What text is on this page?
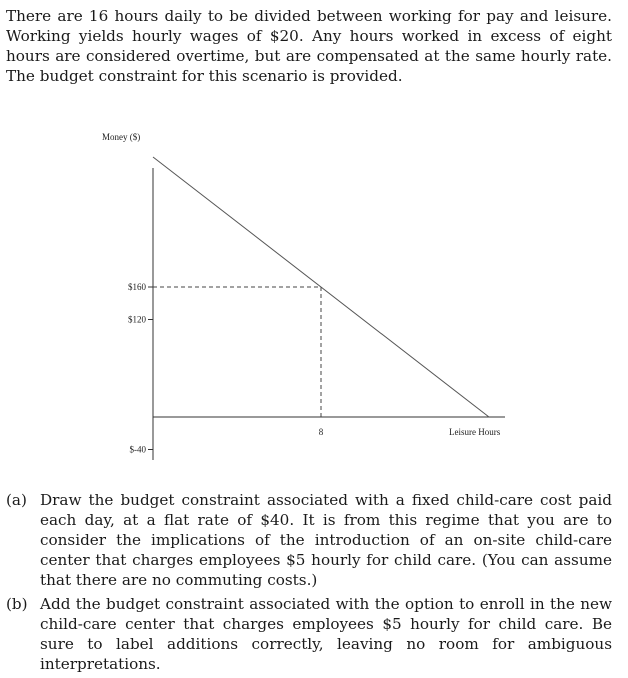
There are 16 hours daily to be divided between working for pay and leisure. Working yields hourly wages of $20. Any hours worked in excess of eight hours are considered overtime, but are compensated at the same hourly rate. The budget constraint for this scenario is provided.

Money ($)
Leisure Hours
$160
$120
$-40
8
(a) Draw the budget constraint associated with a fixed child-care cost paid each day, at a flat rate of $40. It is from this regime that you are to consider the implications of the introduction of an on-site child-care center that charges employees $5 hourly for child care. (You can assume that there are no commuting costs.)
(b) Add the budget constraint associated with the option to enroll in the new child-care center that charges employees $5 hourly for child care. Be sure to label additions correctly, leaving no room for ambiguous interpretations.
